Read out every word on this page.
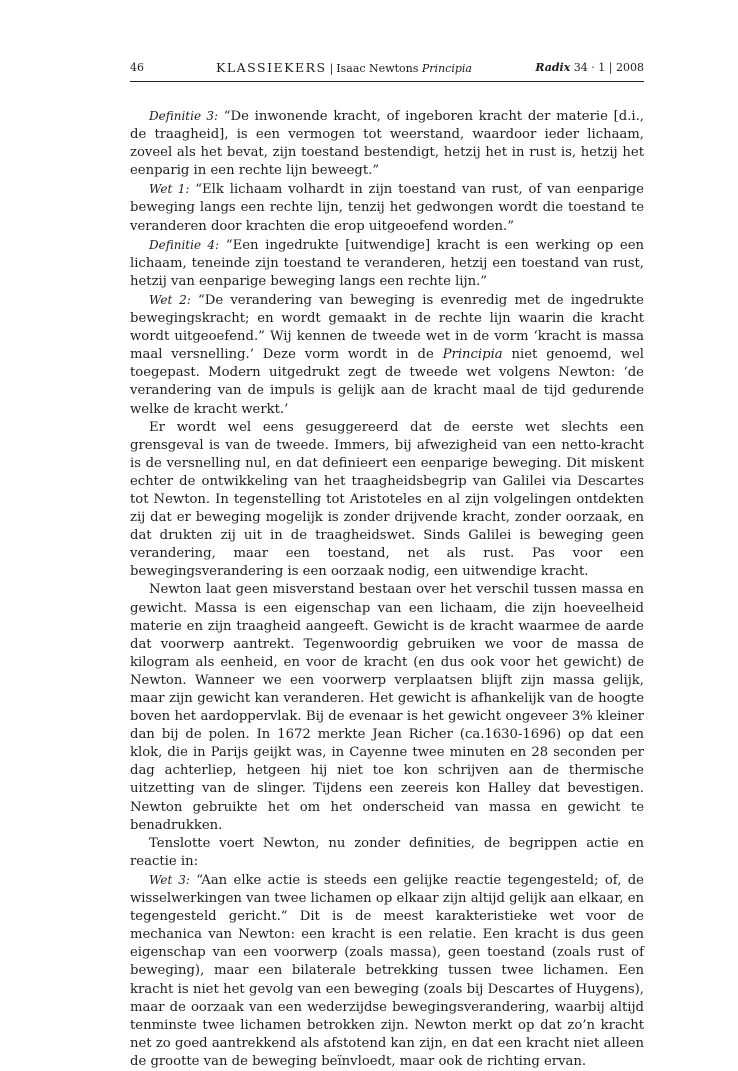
46	KLASSIEKERS | Isaac Newtons Principia	Radix 34 · 1 | 2008

Definitie 3: “De inwonende kracht, of ingeboren kracht der materie [d.i., de traagheid], is een vermogen tot weerstand, waardoor ieder lichaam, zoveel als het bevat, zijn toestand bestendigt, hetzij het in rust is, hetzij het eenparig in een rechte lijn beweegt.”

Wet 1: “Elk lichaam volhardt in zijn toestand van rust, of van eenparige beweging langs een rechte lijn, tenzij het gedwongen wordt die toestand te veranderen door krachten die erop uitgeoefend worden.”

Definitie 4: “Een ingedrukte [uitwendige] kracht is een werking op een lichaam, teneinde zijn toestand te veranderen, hetzij een toestand van rust, hetzij van eenparige beweging langs een rechte lijn.”

Wet 2: “De verandering van beweging is evenredig met de ingedrukte bewegingskracht; en wordt gemaakt in de rechte lijn waarin die kracht wordt uitgeoefend.” Wij kennen de tweede wet in de vorm ‘kracht is massa maal versnelling.’ Deze vorm wordt in de Principia niet genoemd, wel toegepast. Modern uitgedrukt zegt de tweede wet volgens Newton: ‘de verandering van de impuls is gelijk aan de kracht maal de tijd gedurende welke de kracht werkt.’

Er wordt wel eens gesuggereerd dat de eerste wet slechts een grensgeval is van de tweede. Immers, bij afwezigheid van een netto-kracht is de versnelling nul, en dat definieert een eenparige beweging. Dit miskent echter de ontwikkeling van het traagheidsbegrip van Galilei via Descartes tot Newton. In tegenstelling tot Aristoteles en al zijn volgelingen ontdekten zij dat er beweging mogelijk is zonder drijvende kracht, zonder oorzaak, en dat drukten zij uit in de traagheidswet. Sinds Galilei is beweging geen verandering, maar een toestand, net als rust. Pas voor een bewegingsverandering is een oorzaak nodig, een uitwendige kracht.

Newton laat geen misverstand bestaan over het verschil tussen massa en gewicht. Massa is een eigenschap van een lichaam, die zijn hoeveelheid materie en zijn traagheid aangeeft. Gewicht is de kracht waarmee de aarde dat voorwerp aantrekt. Tegenwoordig gebruiken we voor de massa de kilogram als eenheid, en voor de kracht (en dus ook voor het gewicht) de Newton. Wanneer we een voorwerp verplaatsen blijft zijn massa gelijk, maar zijn gewicht kan veranderen. Het gewicht is afhankelijk van de hoogte boven het aardoppervlak. Bij de evenaar is het gewicht ongeveer 3% kleiner dan bij de polen. In 1672 merkte Jean Richer (ca.1630-1696) op dat een klok, die in Parijs geijkt was, in Cayenne twee minuten en 28 seconden per dag achterliep, hetgeen hij niet toe kon schrijven aan de thermische uitzetting van de slinger. Tijdens een zeereis kon Halley dat bevestigen. Newton gebruikte het om het onderscheid van massa en gewicht te benadrukken.

Tenslotte voert Newton, nu zonder definities, de begrippen actie en reactie in:

Wet 3: “Aan elke actie is steeds een gelijke reactie tegengesteld; of, de wisselwerkingen van twee lichamen op elkaar zijn altijd gelijk aan elkaar, en tegengesteld gericht.” Dit is de meest karakteristieke wet voor de mechanica van Newton: een kracht is een relatie. Een kracht is dus geen eigenschap van een voorwerp (zoals massa), geen toestand (zoals rust of beweging), maar een bilaterale betrekking tussen twee lichamen. Een kracht is niet het gevolg van een beweging (zoals bij Descartes of Huygens), maar de oorzaak van een wederzijdse bewegingsverandering, waarbij altijd tenminste twee lichamen betrokken zijn. Newton merkt op dat zo’n kracht net zo goed aantrekkend als afstotend kan zijn, en dat een kracht niet alleen de grootte van de beweging beïnvloedt, maar ook de richting ervan.
